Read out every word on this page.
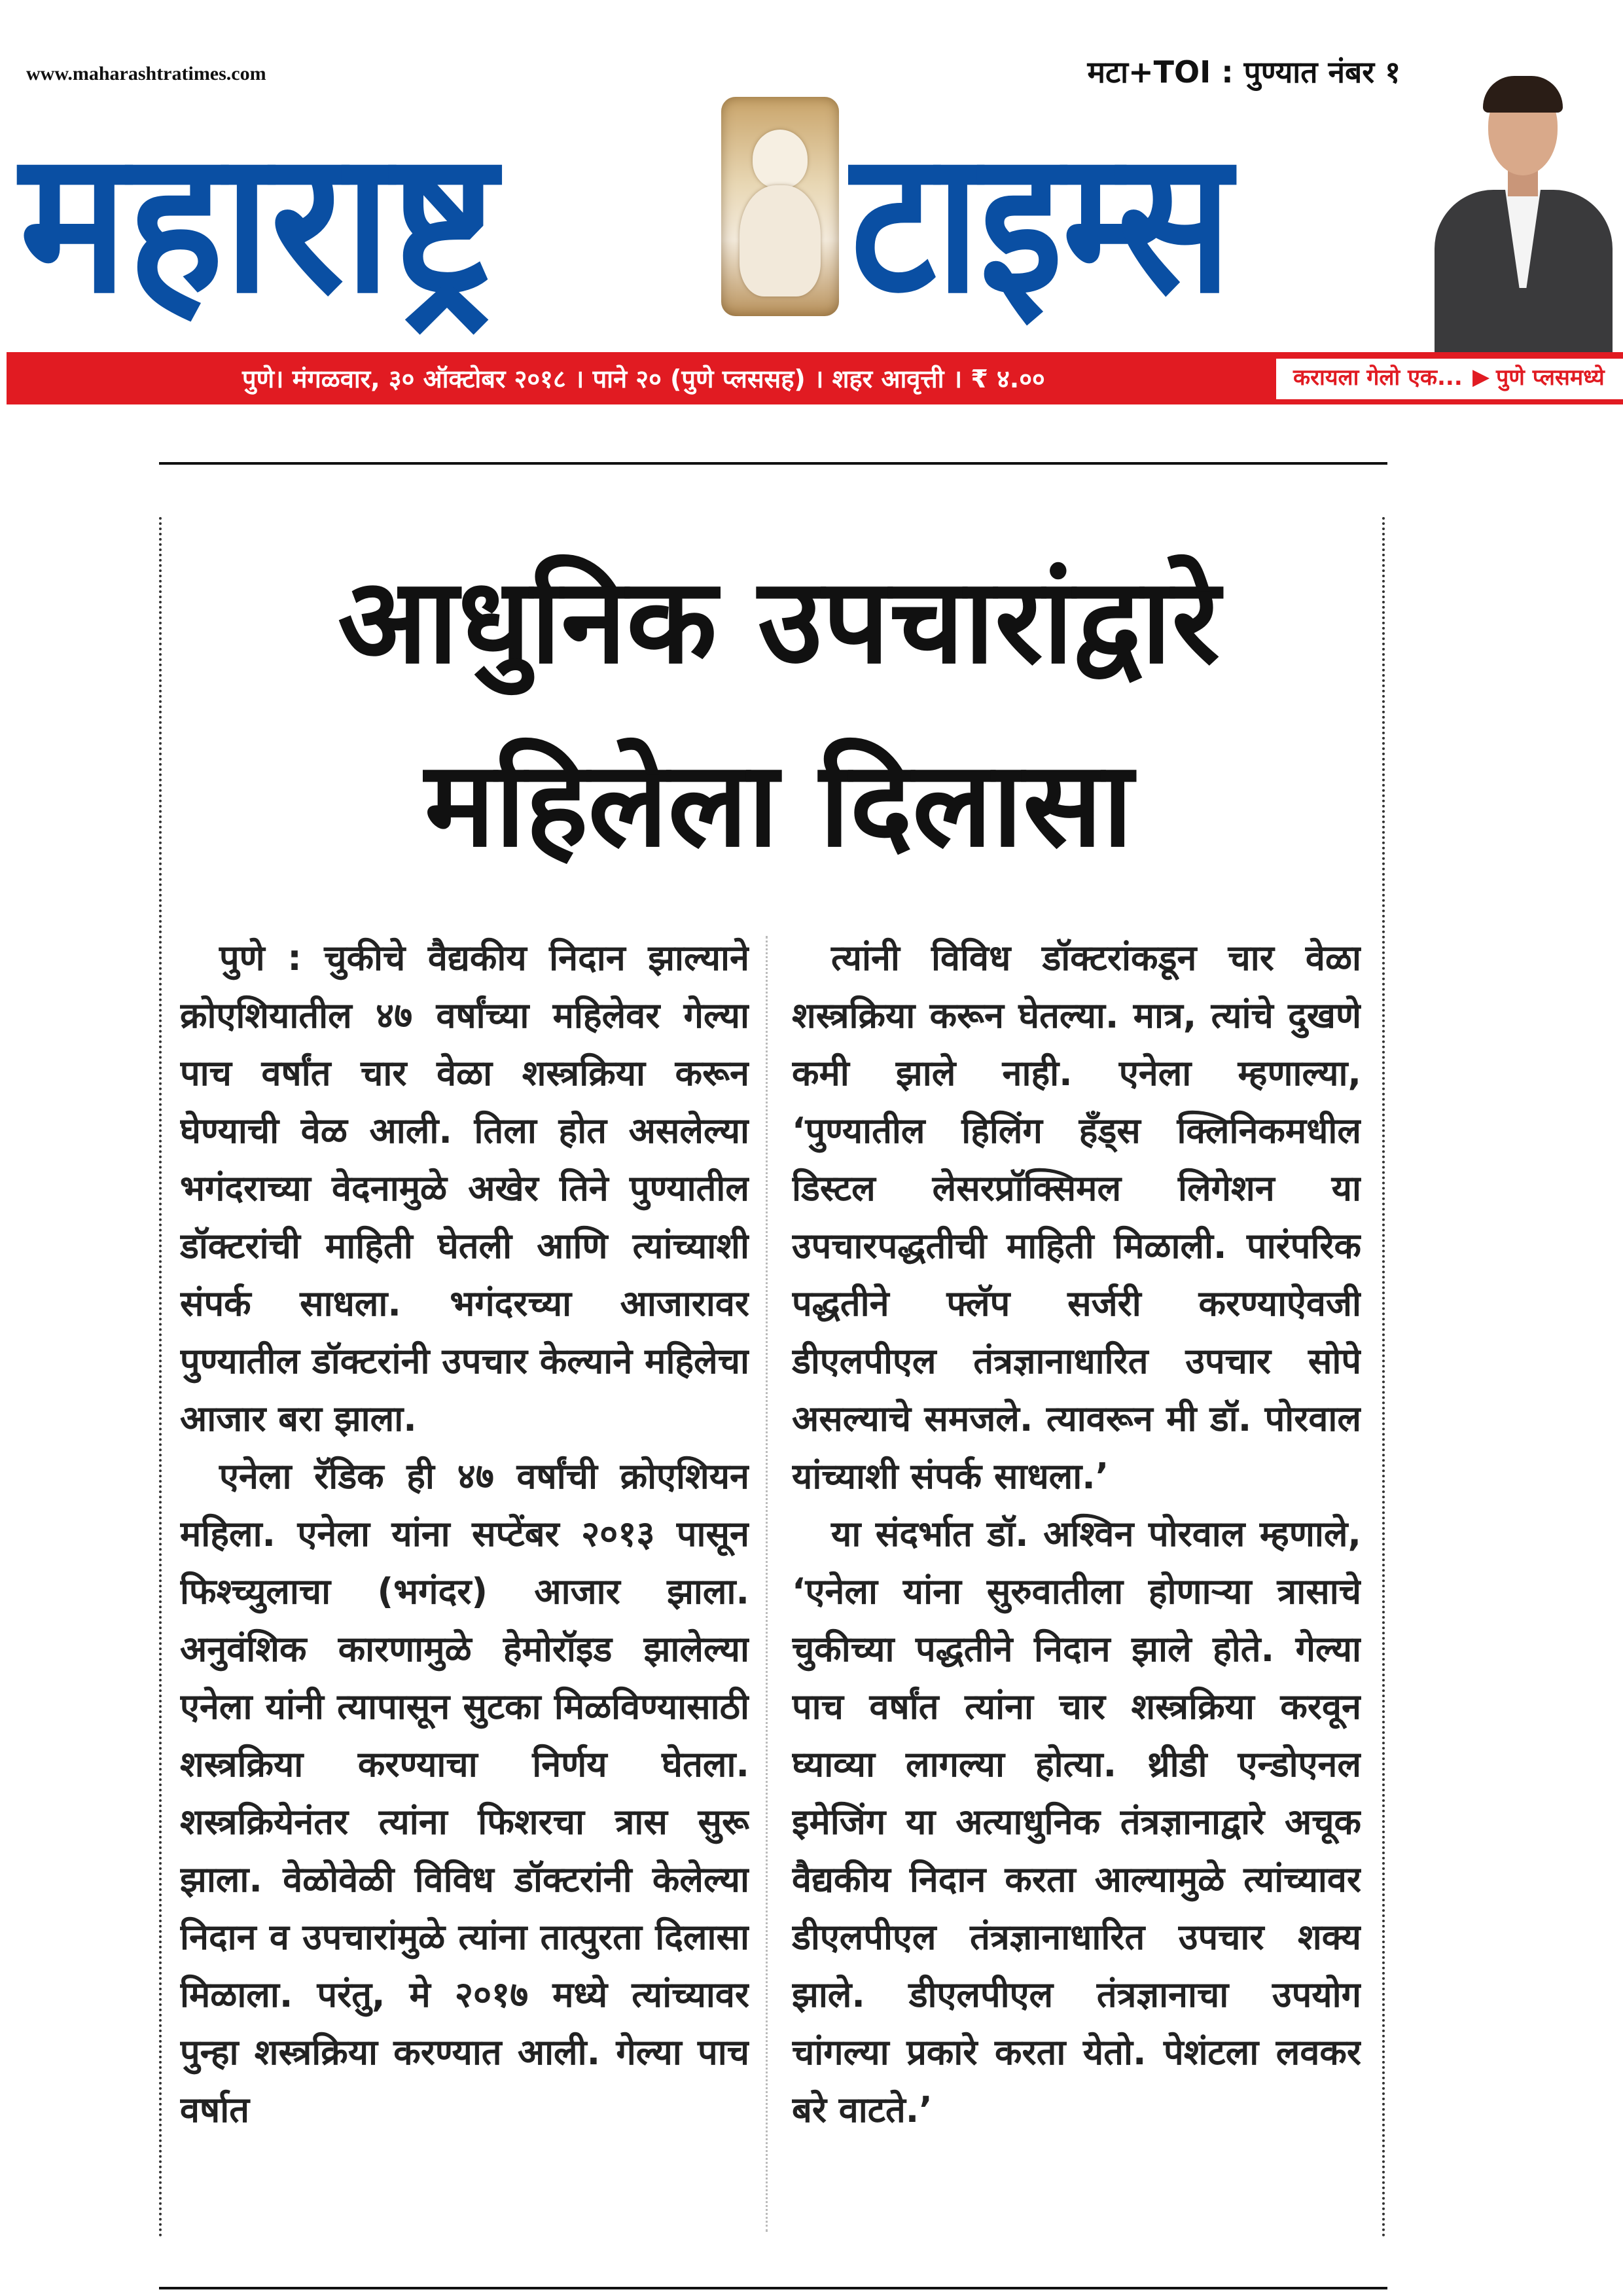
www.maharashtratimes.com	मटा+TOI : पुण्यात नंबर १
महाराष्ट्र	टाइम्स
पुणे। मंगळवार, ३० ऑक्टोबर २०१८ । पाने २० (पुणे प्लससह) । शहर आवृत्ती । ₹ ४.००	करायला गेलो एक... ▶ पुणे प्लसमध्ये
आधुनिक उपचारांद्वारे
महिलेला दिलासा

पुणे : चुकीचे वैद्यकीय निदान झाल्याने क्रोएशियातील ४७ वर्षांच्या महिलेवर गेल्या पाच वर्षांत चार वेळा शस्त्रक्रिया करून घेण्याची वेळ आली. तिला होत असलेल्या भगंदराच्या वेदनामुळे अखेर तिने पुण्यातील डॉक्टरांची माहिती घेतली आणि त्यांच्याशी संपर्क साधला. भगंदरच्या आजारावर पुण्यातील डॉक्टरांनी उपचार केल्याने महिलेचा आजार बरा झाला.

एनेला रॅडिक ही ४७ वर्षांची क्रोएशियन महिला. एनेला यांना सप्टेंबर २०१३ पासून फिश्च्युलाचा (भगंदर) आजार झाला. अनुवंशिक कारणामुळे हेमोरॉइड झालेल्या एनेला यांनी त्यापासून सुटका मिळविण्यासाठी शस्त्रक्रिया करण्याचा निर्णय घेतला. शस्त्रक्रियेनंतर त्यांना फिशरचा त्रास सुरू झाला. वेळोवेळी विविध डॉक्टरांनी केलेल्या निदान व उपचारांमुळे त्यांना तात्पुरता दिलासा मिळाला. परंतु, मे २०१७ मध्ये त्यांच्यावर पुन्हा शस्त्रक्रिया करण्यात आली. गेल्या पाच वर्षात

त्यांनी विविध डॉक्टरांकडून चार वेळा शस्त्रक्रिया करून घेतल्या. मात्र, त्यांचे दुखणे कमी झाले नाही. एनेला म्हणाल्या, ‘पुण्यातील हिलिंग हँड्स क्लिनिकमधील डिस्टल लेसरप्रॉक्सिमल लिगेशन या उपचारपद्धतीची माहिती मिळाली. पारंपरिक पद्धतीने फ्लॅप सर्जरी करण्याऐवजी डीएलपीएल तंत्रज्ञानाधारित उपचार सोपे असल्याचे समजले. त्यावरून मी डॉ. पोरवाल यांच्याशी संपर्क साधला.’

या संदर्भात डॉ. अश्विन पोरवाल म्हणाले, ‘एनेला यांना सुरुवातीला होणाऱ्या त्रासाचे चुकीच्या पद्धतीने निदान झाले होते. गेल्या पाच वर्षांत त्यांना चार शस्त्रक्रिया करवून घ्याव्या लागल्या होत्या. थ्रीडी एन्डोएनल इमेजिंग या अत्याधुनिक तंत्रज्ञानाद्वारे अचूक वैद्यकीय निदान करता आल्यामुळे त्यांच्यावर डीएलपीएल तंत्रज्ञानाधारित उपचार शक्य झाले. डीएलपीएल तंत्रज्ञानाचा उपयोग चांगल्या प्रकारे करता येतो. पेशंटला लवकर बरे वाटते.’
